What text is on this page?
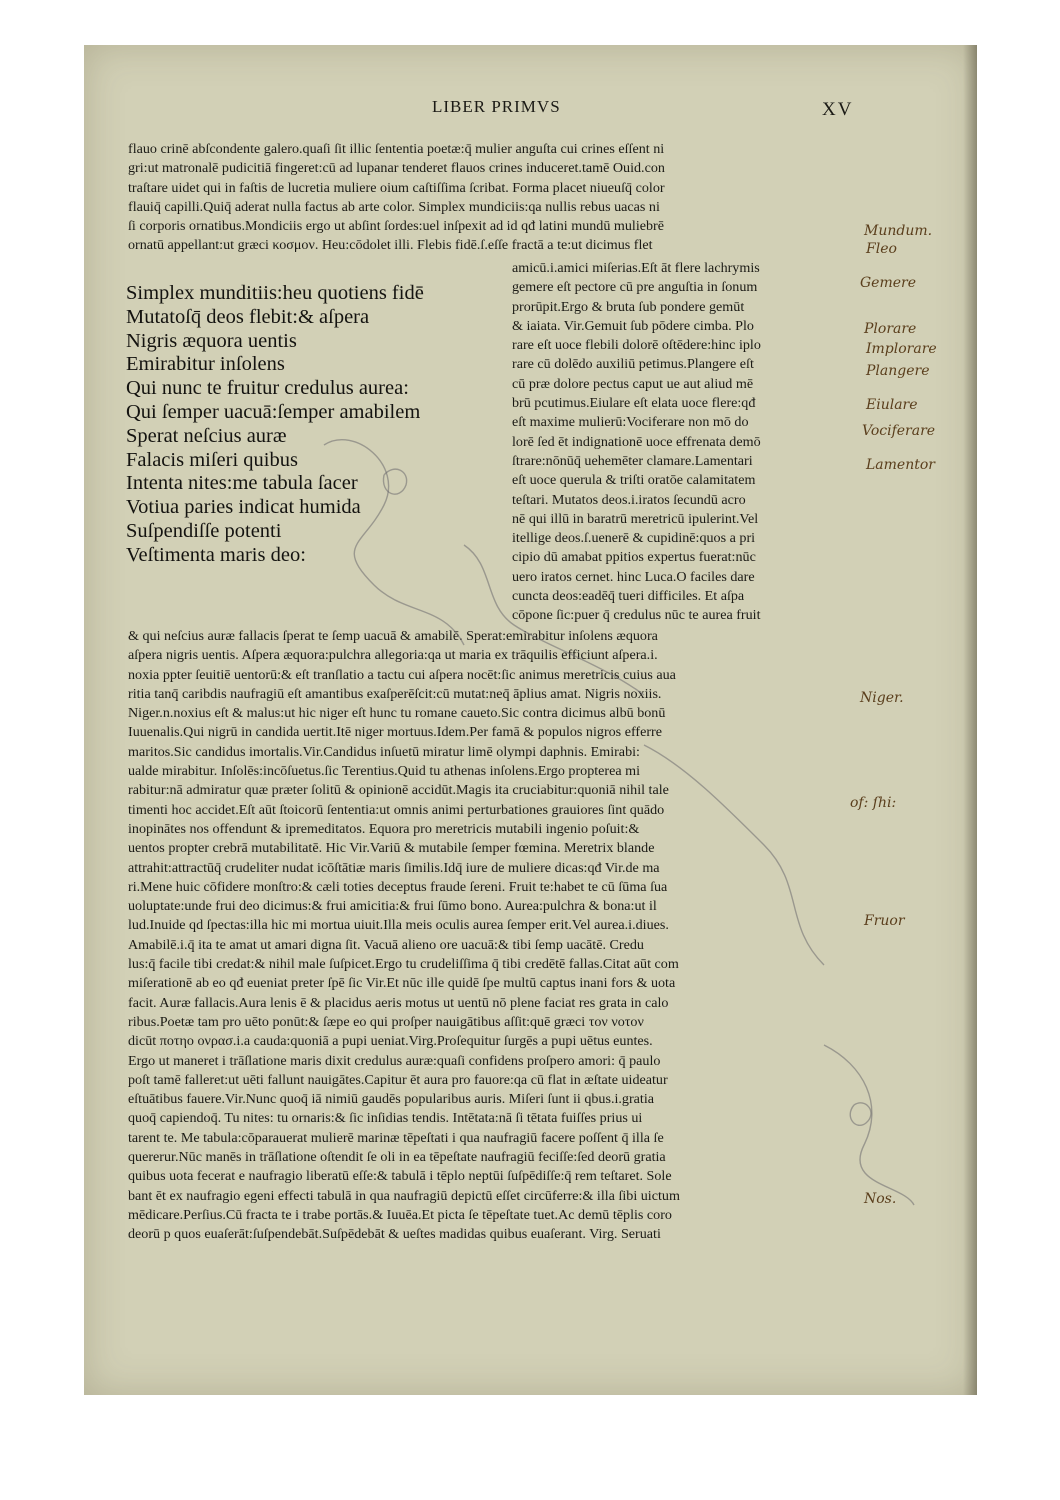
LIBER PRIMVS	XV
flauo crinē abſcondente galero.quaſi ſit illic ſententia poetæ:q̄ mulier anguſta cui crines eſſent ni
gri:ut matronalē pudicitiā fingeret:cū ad lupanar tenderet flauos crines induceret.tamē Ouid.con
traſtare uidet qui in faſtis de lucretia muliere oium caſtiſſima ſcribat. Forma placet niueuſq̄ color
flauiq̄ capilli.Quiq̄ aderat nulla factus ab arte color. Simplex mundiciis:qa nullis rebus uacas ni
ſi corporis ornatibus.Mondiciis ergo ut abſint ſordes:uel inſpexit ad id qđ latini mundū muliebrē
ornatū appellant:ut græci κοσμον. Heu:cōdolet illi. Flebis fidē.ſ.eſſe fractā a te:ut dicimus flet
Simplex munditiis:heu quotiens fidē
Mutatoſq̄ deos flebit:& aſpera
Nigris æquora uentis
Emirabitur inſolens
Qui nunc te fruitur credulus aurea:
Qui ſemper uacuā:ſemper amabilem
Sperat neſcius auræ
Falacis miſeri quibus
Intenta nites:me tabula ſacer
Votiua paries indicat humida
Suſpendiſſe potenti
Veſtimenta maris deo:
amicū.i.amici miſerias.Eſt āt flere lachrymis
gemere eſt pectore cū pre anguſtia in ſonum
prorūpit.Ergo & bruta ſub pondere gemūt
& iaiata. Vir.Gemuit ſub pōdere cimba. Plo
rare eſt uoce flebili dolorē oſtēdere:hinc iplo
rare cū dolēdo auxiliū petimus.Plangere eſt
cū præ dolore pectus caput ue aut aliud mē
brū pcutimus.Eiulare eſt elata uoce flere:qđ
eſt maxime mulierū:Vociferare non mō do
lorē ſed ēt indignationē uoce effrenata demō
ſtrare:nōnūq̄ uehemēter clamare.Lamentari
eſt uoce querula & triſti oratōe calamitatem
teſtari. Mutatos deos.i.iratos ſecundū acro
nē qui illū in baratrū meretricū ipulerint.Vel
itellige deos.ſ.uenerē & cupidinē:quos a pri
cipio dū amabat ppitios expertus fuerat:nūc
uero iratos cernet. hinc Luca.O faciles dare
cuncta deos:eadēq̄ tueri difficiles. Et aſpa
cōpone ſic:puer q̄ credulus nūc te aurea fruit
& qui neſcius auræ fallacis ſperat te ſemp uacuā & amabilē. Sperat:emirabitur inſolens æquora
aſpera nigris uentis. Aſpera æquora:pulchra allegoria:qa ut maria ex trāquilis efficiunt aſpera.i.
noxia ppter ſeuitiē uentorū:& eſt tranſlatio a tactu cui aſpera nocēt:ſic animus meretricis cuius aua
ritia tanq̄ caribdis naufragiū eſt amantibus exaſperēſcit:cū mutat:neq̄ āplius amat. Nigris noxiis.
Niger.n.noxius eſt & malus:ut hic niger eſt hunc tu romane caueto.Sic contra dicimus albū bonū
Iuuenalis.Qui nigrū in candida uertit.Itē niger mortuus.Idem.Per famā & populos nigros efferre
maritos.Sic candidus imortalis.Vir.Candidus inſuetū miratur limē olympi daphnis. Emirabi:
ualde mirabitur. Inſolēs:incōſuetus.ſic Terentius.Quid tu athenas inſolens.Ergo propterea mi
rabitur:nā admiratur quæ præter ſolitū & opinionē accidūt.Magis ita cruciabitur:quoniā nihil tale
timenti hoc accidet.Eſt aūt ſtoicorū ſententia:ut omnis animi perturbationes grauiores ſint quādo
inopinātes nos offendunt & ipremeditatos. Equora pro meretricis mutabili ingenio poſuit:&
uentos propter crebrā mutabilitatē. Hic Vir.Variū & mutabile ſemper fœmina. Meretrix blande
attrahit:attractūq̄ crudeliter nudat icōſtātiæ maris ſimilis.Idq̄ iure de muliere dicas:qđ Vir.de ma
ri.Mene huic cōfidere monſtro:& cæli toties deceptus fraude ſereni. Fruit te:habet te cū ſūma ſua
uoluptate:unde frui deo dicimus:& frui amicitia:& frui ſūmo bono. Aurea:pulchra & bona:ut il
lud.Inuide qd ſpectas:illa hic mi mortua uiuit.Illa meis oculis aurea ſemper erit.Vel aurea.i.diues.
Amabilē.i.q̄ ita te amat ut amari digna ſit. Vacuā alieno ore uacuā:& tibi ſemp uacātē. Credu
lus:q̄ facile tibi credat:& nihil male ſuſpicet.Ergo tu crudeliſſima q̄ tibi credētē fallas.Citat aūt com
miſerationē ab eo qđ eueniat preter ſpē ſic Vir.Et nūc ille quidē ſpe multū captus inani fors & uota
facit. Auræ fallacis.Aura lenis ē & placidus aeris motus ut uentū nō plene faciat res grata in calo
ribus.Poetæ tam pro uēto ponūt:& ſæpe eo qui proſper nauigātibus aſſit:quē græci τον νοτον
dicūt ποτηο ονρασ.i.a cauda:quoniā a pupi ueniat.Virg.Proſequitur ſurgēs a pupi uētus euntes.
Ergo ut maneret i trāſlatione maris dixit credulus auræ:quaſi confidens proſpero amori: q̄ paulo
poſt tamē falleret:ut uēti fallunt nauigātes.Capitur ēt aura pro fauore:qa cū flat in æſtate uideatur
eſtuātibus fauere.Vir.Nunc quoq̄ iā nimiū gaudēs popularibus auris. Miſeri ſunt ii qbus.i.gratia
quoq̄ capiendoq̄. Tu nites: tu ornaris:& ſic inſidias tendis. Intētata:nā ſi tētata fuiſſes prius ui
tarent te. Me tabula:cōparauerat mulierē marinæ tēpeſtati i qua naufragiū facere poſſent q̄ illa ſe
quererur.Nūc manēs in trāſlatione oſtendit ſe oli in ea tēpeſtate naufragiū feciſſe:ſed deorū gratia
quibus uota fecerat e naufragio liberatū eſſe:& tabulā i tēplo neptūi ſuſpēdiſſe:q̄ rem teſtaret. Sole
bant ēt ex naufragio egeni effecti tabulā in qua naufragiū depictū eſſet circūferre:& illa ſibi uictum
mēdicare.Perſius.Cū fracta te i trabe portās.& Iuuēa.Et picta ſe tēpeſtate tuet.Ac demū tēplis coro
deorū p quos euaſerāt:ſuſpendebāt.Suſpēdebāt & ueſtes madidas quibus euaſerant. Virg. Seruati
Mundum.
Fleo
Gemere
Plorare
Implorare
Plangere
Eiulare
Vociferare
Lamentor
Niger.
of: ſhi:
Fruor
Nos.
